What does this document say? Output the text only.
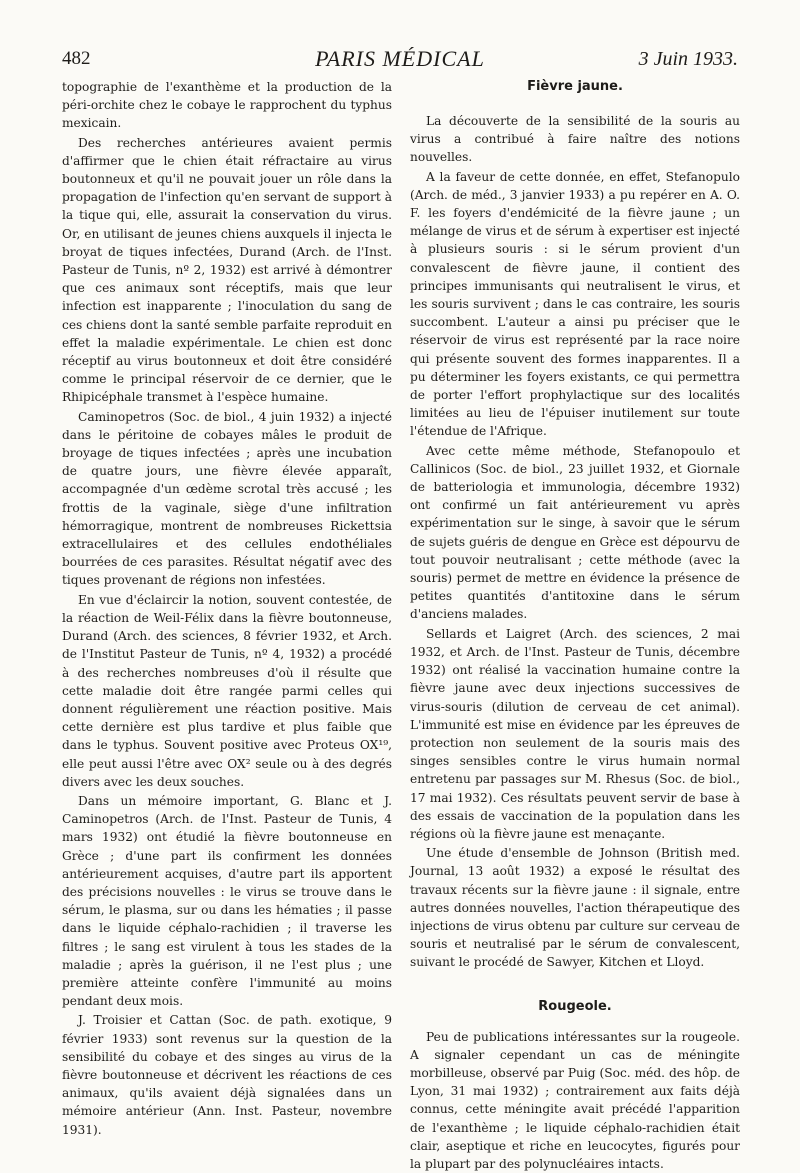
482	PARIS MÉDICAL	3 Juin 1933.

topographie de l'exanthème et la production de la péri-orchite chez le cobaye le rapprochent du typhus mexicain.

Des recherches antérieures avaient permis d'affirmer que le chien était réfractaire au virus boutonneux et qu'il ne pouvait jouer un rôle dans la propagation de l'infection qu'en servant de support à la tique qui, elle, assurait la conservation du virus. Or, en utilisant de jeunes chiens auxquels il injecta le broyat de tiques infectées, Durand (Arch. de l'Inst. Pasteur de Tunis, nº 2, 1932) est arrivé à démontrer que ces animaux sont réceptifs, mais que leur infection est inapparente ; l'inoculation du sang de ces chiens dont la santé semble parfaite reproduit en effet la maladie expérimentale. Le chien est donc réceptif au virus boutonneux et doit être considéré comme le principal réservoir de ce dernier, que le Rhipicéphale transmet à l'espèce humaine.

Caminopetros (Soc. de biol., 4 juin 1932) a injecté dans le péritoine de cobayes mâles le produit de broyage de tiques infectées ; après une incubation de quatre jours, une fièvre élevée apparaît, accompagnée d'un œdème scrotal très accusé ; les frottis de la vaginale, siège d'une infiltration hémorragique, montrent de nombreuses Rickettsia extracellulaires et des cellules endothéliales bourrées de ces parasites. Résultat négatif avec des tiques provenant de régions non infestées.

En vue d'éclaircir la notion, souvent contestée, de la réaction de Weil-Félix dans la fièvre boutonneuse, Durand (Arch. des sciences, 8 février 1932, et Arch. de l'Institut Pasteur de Tunis, nº 4, 1932) a procédé à des recherches nombreuses d'où il résulte que cette maladie doit être rangée parmi celles qui donnent régulièrement une réaction positive. Mais cette dernière est plus tardive et plus faible que dans le typhus. Souvent positive avec Proteus OX¹⁹, elle peut aussi l'être avec OX² seule ou à des degrés divers avec les deux souches.

Dans un mémoire important, G. Blanc et J. Caminopetros (Arch. de l'Inst. Pasteur de Tunis, 4 mars 1932) ont étudié la fièvre boutonneuse en Grèce ; d'une part ils confirment les données antérieurement acquises, d'autre part ils apportent des précisions nouvelles : le virus se trouve dans le sérum, le plasma, sur ou dans les hématies ; il passe dans le liquide céphalo-rachidien ; il traverse les filtres ; le sang est virulent à tous les stades de la maladie ; après la guérison, il ne l'est plus ; une première atteinte confère l'immunité au moins pendant deux mois.

J. Troisier et Cattan (Soc. de path. exotique, 9 février 1933) sont revenus sur la question de la sensibilité du cobaye et des singes au virus de la fièvre boutonneuse et décrivent les réactions de ces animaux, qu'ils avaient déjà signalées dans un mémoire antérieur (Ann. Inst. Pasteur, novembre 1931).

Fièvre jaune.

La découverte de la sensibilité de la souris au virus a contribué à faire naître des notions nouvelles.

A la faveur de cette donnée, en effet, Stefanopulo (Arch. de méd., 3 janvier 1933) a pu repérer en A. O. F. les foyers d'endémicité de la fièvre jaune ; un mélange de virus et de sérum à expertiser est injecté à plusieurs souris : si le sérum provient d'un convalescent de fièvre jaune, il contient des principes immunisants qui neutralisent le virus, et les souris survivent ; dans le cas contraire, les souris succombent. L'auteur a ainsi pu préciser que le réservoir de virus est représenté par la race noire qui présente souvent des formes inapparentes. Il a pu déterminer les foyers existants, ce qui permettra de porter l'effort prophylactique sur des localités limitées au lieu de l'épuiser inutilement sur toute l'étendue de l'Afrique.

Avec cette même méthode, Stefanopoulo et Callinicos (Soc. de biol., 23 juillet 1932, et Giornale de batteriologia et immunologia, décembre 1932) ont confirmé un fait antérieurement vu après expérimentation sur le singe, à savoir que le sérum de sujets guéris de dengue en Grèce est dépourvu de tout pouvoir neutralisant ; cette méthode (avec la souris) permet de mettre en évidence la présence de petites quantités d'antitoxine dans le sérum d'anciens malades.

Sellards et Laigret (Arch. des sciences, 2 mai 1932, et Arch. de l'Inst. Pasteur de Tunis, décembre 1932) ont réalisé la vaccination humaine contre la fièvre jaune avec deux injections successives de virus-souris (dilution de cerveau de cet animal). L'immunité est mise en évidence par les épreuves de protection non seulement de la souris mais des singes sensibles contre le virus humain normal entretenu par passages sur M. Rhesus (Soc. de biol., 17 mai 1932). Ces résultats peuvent servir de base à des essais de vaccination de la population dans les régions où la fièvre jaune est menaçante.

Une étude d'ensemble de Johnson (British med. Journal, 13 août 1932) a exposé le résultat des travaux récents sur la fièvre jaune : il signale, entre autres données nouvelles, l'action thérapeutique des injections de virus obtenu par culture sur cerveau de souris et neutralisé par le sérum de convalescent, suivant le procédé de Sawyer, Kitchen et Lloyd.

Rougeole.

Peu de publications intéressantes sur la rougeole. A signaler cependant un cas de méningite morbilleuse, observé par Puig (Soc. méd. des hôp. de Lyon, 31 mai 1932) ; contrairement aux faits déjà connus, cette méningite avait précédé l'apparition de l'exanthème ; le liquide céphalo-rachidien était clair, aseptique et riche en leucocytes, figurés pour la plupart par des polynucléaires intacts.
